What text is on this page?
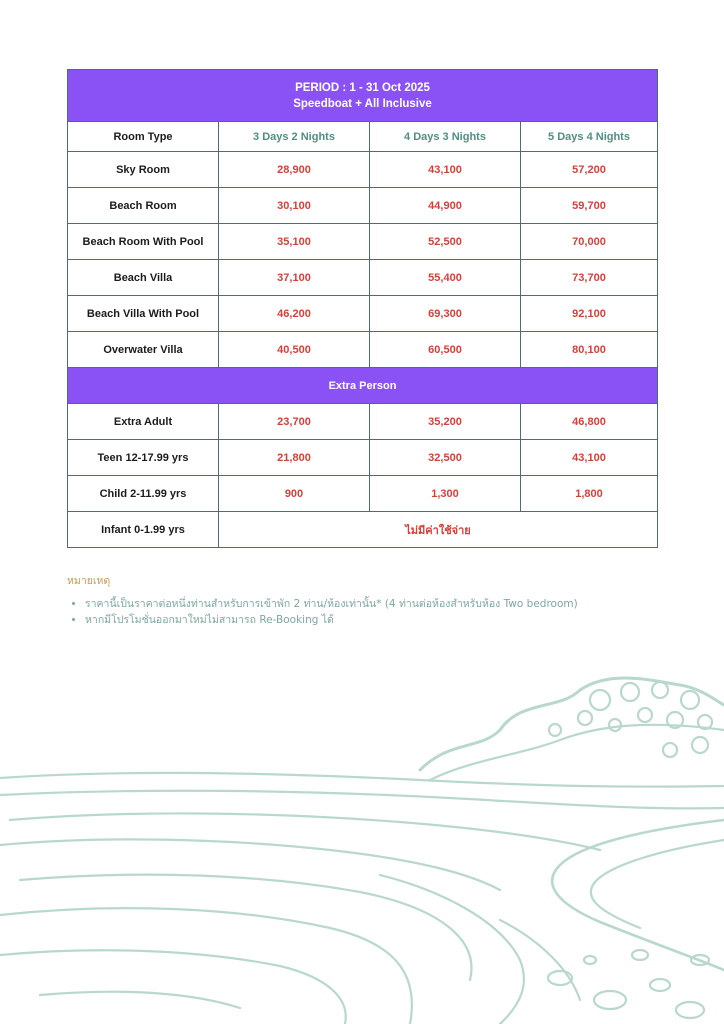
PERIOD : 1 - 31 Oct 2025
Speedboat + All Inclusive			

Room Type	3 Days 2 Nights	4 Days 3 Nights	5 Days 4 Nights
Sky Room	28,900	43,100	57,200
Beach Room	30,100	44,900	59,700
Beach Room With Pool	35,100	52,500	70,000
Beach Villa	37,100	55,400	73,700
Beach Villa With Pool	46,200	69,300	92,100
Overwater Villa	40,500	60,500	80,100
Extra Person			
Extra Adult	23,700	35,200	46,800
Teen 12-17.99 yrs	21,800	32,500	43,100
Child 2-11.99 yrs	900	1,300	1,800
Infant 0-1.99 yrs	ไม่มีค่าใช้จ่าย		
หมายเหตุ
• ราคานี้เป็นราคาต่อหนึ่งท่านสำหรับการเข้าพัก 2 ท่าน/ห้องเท่านั้น* (4 ท่านต่อห้องสำหรับห้อง Two bedroom)
• หากมีโปรโมชั่นออกมาใหม่ไม่สามารถ Re-Booking ได้
